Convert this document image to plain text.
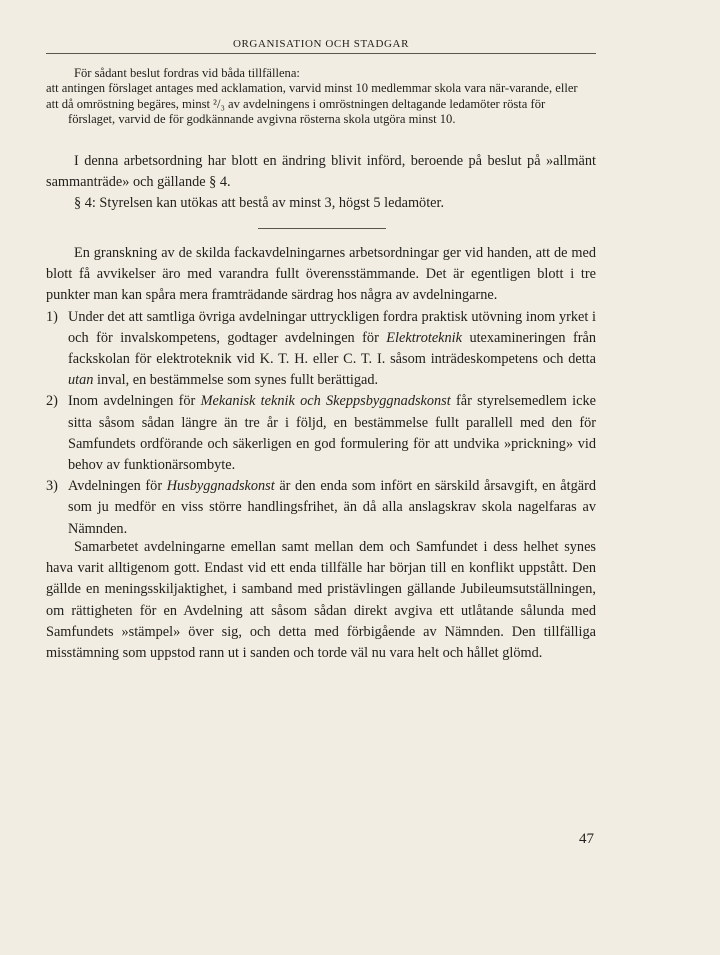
ORGANISATION OCH STADGAR

För sådant beslut fordras vid båda tillfällena:

att antingen förslaget antages med acklamation, varvid minst 10 medlemmar skola vara när-varande, eller

att då omröstning begäres, minst ²/₃ av avdelningens i omröstningen deltagande ledamöter rösta för förslaget, varvid de för godkännande avgivna rösterna skola utgöra minst 10.

I denna arbetsordning har blott en ändring blivit införd, beroende på beslut på »allmänt sammanträde» och gällande § 4.

§ 4: Styrelsen kan utökas att bestå av minst 3, högst 5 ledamöter.

En granskning av de skilda fackavdelningarnes arbetsordningar ger vid handen, att de med blott få avvikelser äro med varandra fullt överensstämmande. Det är egentligen blott i tre punkter man kan spåra mera framträdande särdrag hos några av avdelningarne.

1) Under det att samtliga övriga avdelningar uttryckligen fordra praktisk utövning inom yrket i och för invalskompetens, godtager avdelningen för Elektroteknik utexamineringen från fackskolan för elektroteknik vid K. T. H. eller C. T. I. såsom inträdeskompetens och detta utan inval, en bestämmelse som synes fullt berättigad.
2) Inom avdelningen för Mekanisk teknik och Skeppsbyggnadskonst får styrelsemedlem icke sitta såsom sådan längre än tre år i följd, en bestämmelse fullt parallell med den för Samfundets ordförande och säkerligen en god formulering för att undvika »prickning» vid behov av funktionärsombyte.
3) Avdelningen för Husbyggnadskonst är den enda som infört en särskild årsavgift, en åtgärd som ju medför en viss större handlingsfrihet, än då alla anslagskrav skola nagelfaras av Nämnden.

Samarbetet avdelningarne emellan samt mellan dem och Samfundet i dess helhet synes hava varit alltigenom gott. Endast vid ett enda tillfälle har början till en konflikt uppstått. Den gällde en meningsskiljaktighet, i samband med pristävlingen gällande Jubileumsutställningen, om rättigheten för en Avdelning att såsom sådan direkt avgiva ett utlåtande sålunda med Samfundets »stämpel» över sig, och detta med förbigående av Nämnden. Den tillfälliga misstämning som uppstod rann ut i sanden och torde väl nu vara helt och hållet glömd.

47
